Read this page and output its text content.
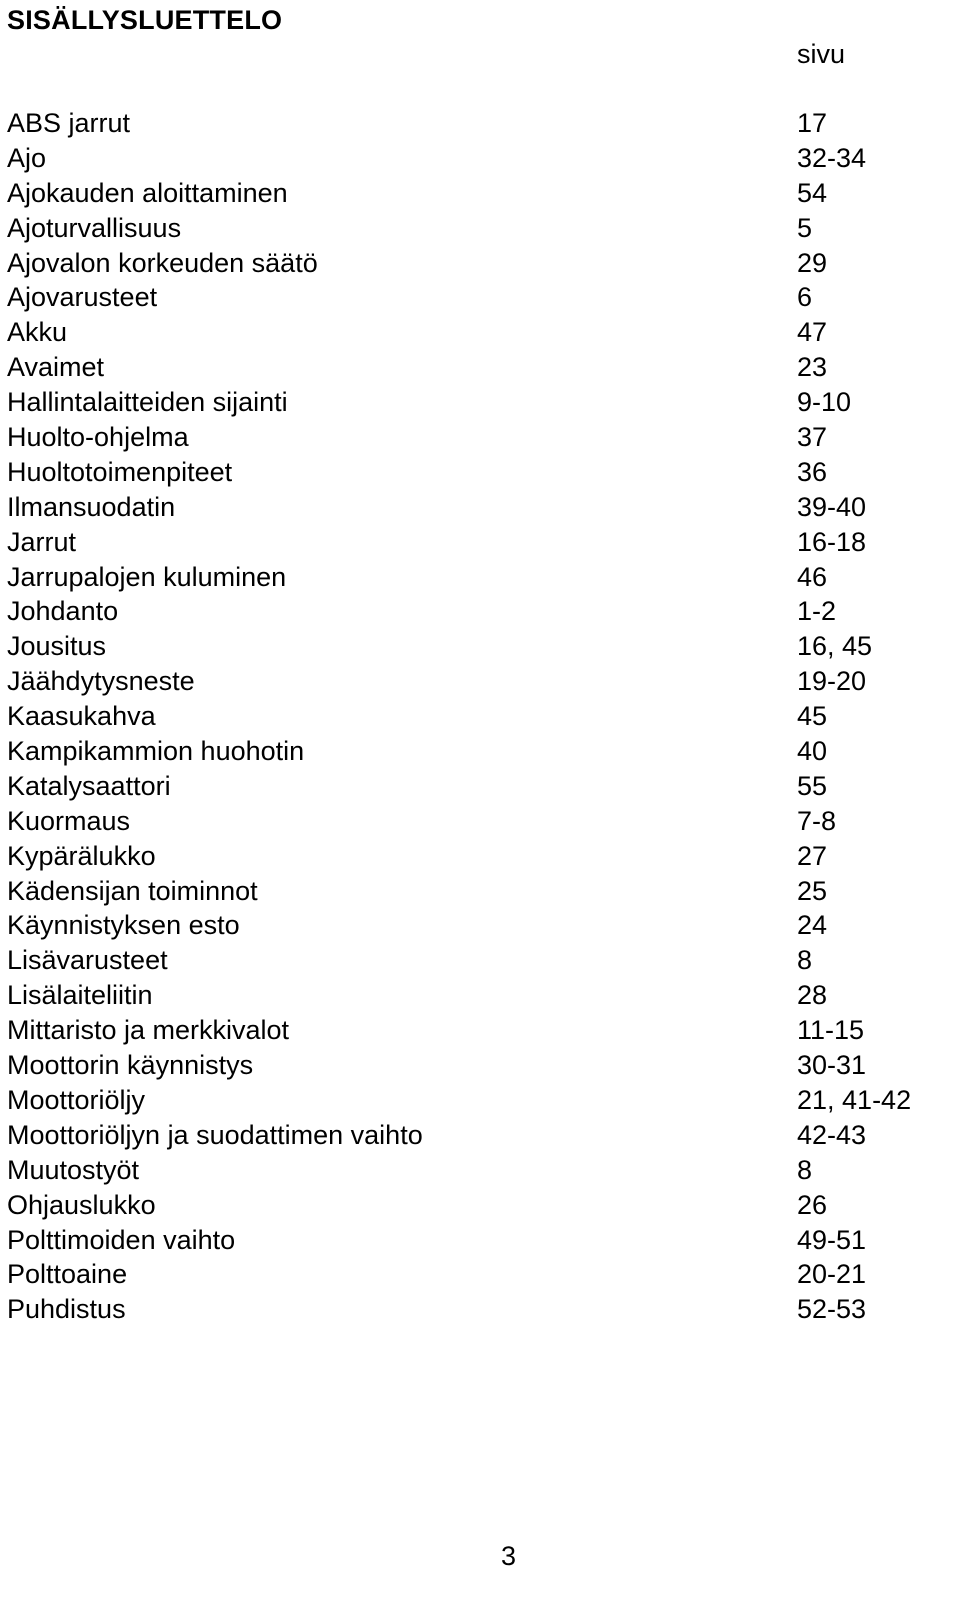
SISÄLLYSLUETTELO
sivu
ABS jarrut	17
Ajo	32-34
Ajokauden aloittaminen	54
Ajoturvallisuus	5
Ajovalon korkeuden säätö	29
Ajovarusteet	6
Akku	47
Avaimet	23
Hallintalaitteiden sijainti	9-10
Huolto-ohjelma	37
Huoltotoimenpiteet	36
Ilmansuodatin	39-40
Jarrut	16-18
Jarrupalojen kuluminen	46
Johdanto	1-2
Jousitus	16, 45
Jäähdytysneste	19-20
Kaasukahva	45
Kampikammion huohotin	40
Katalysaattori	55
Kuormaus	7-8
Kypärälukko	27
Kädensijan toiminnot	25
Käynnistyksen esto	24
Lisävarusteet	8
Lisälaiteliitin	28
Mittaristo ja merkkivalot	11-15
Moottorin käynnistys	30-31
Moottoriöljy	21, 41-42
Moottoriöljyn ja suodattimen vaihto	42-43
Muutostyöt	8
Ohjauslukko	26
Polttimoiden vaihto	49-51
Polttoaine	20-21
Puhdistus	52-53
3
